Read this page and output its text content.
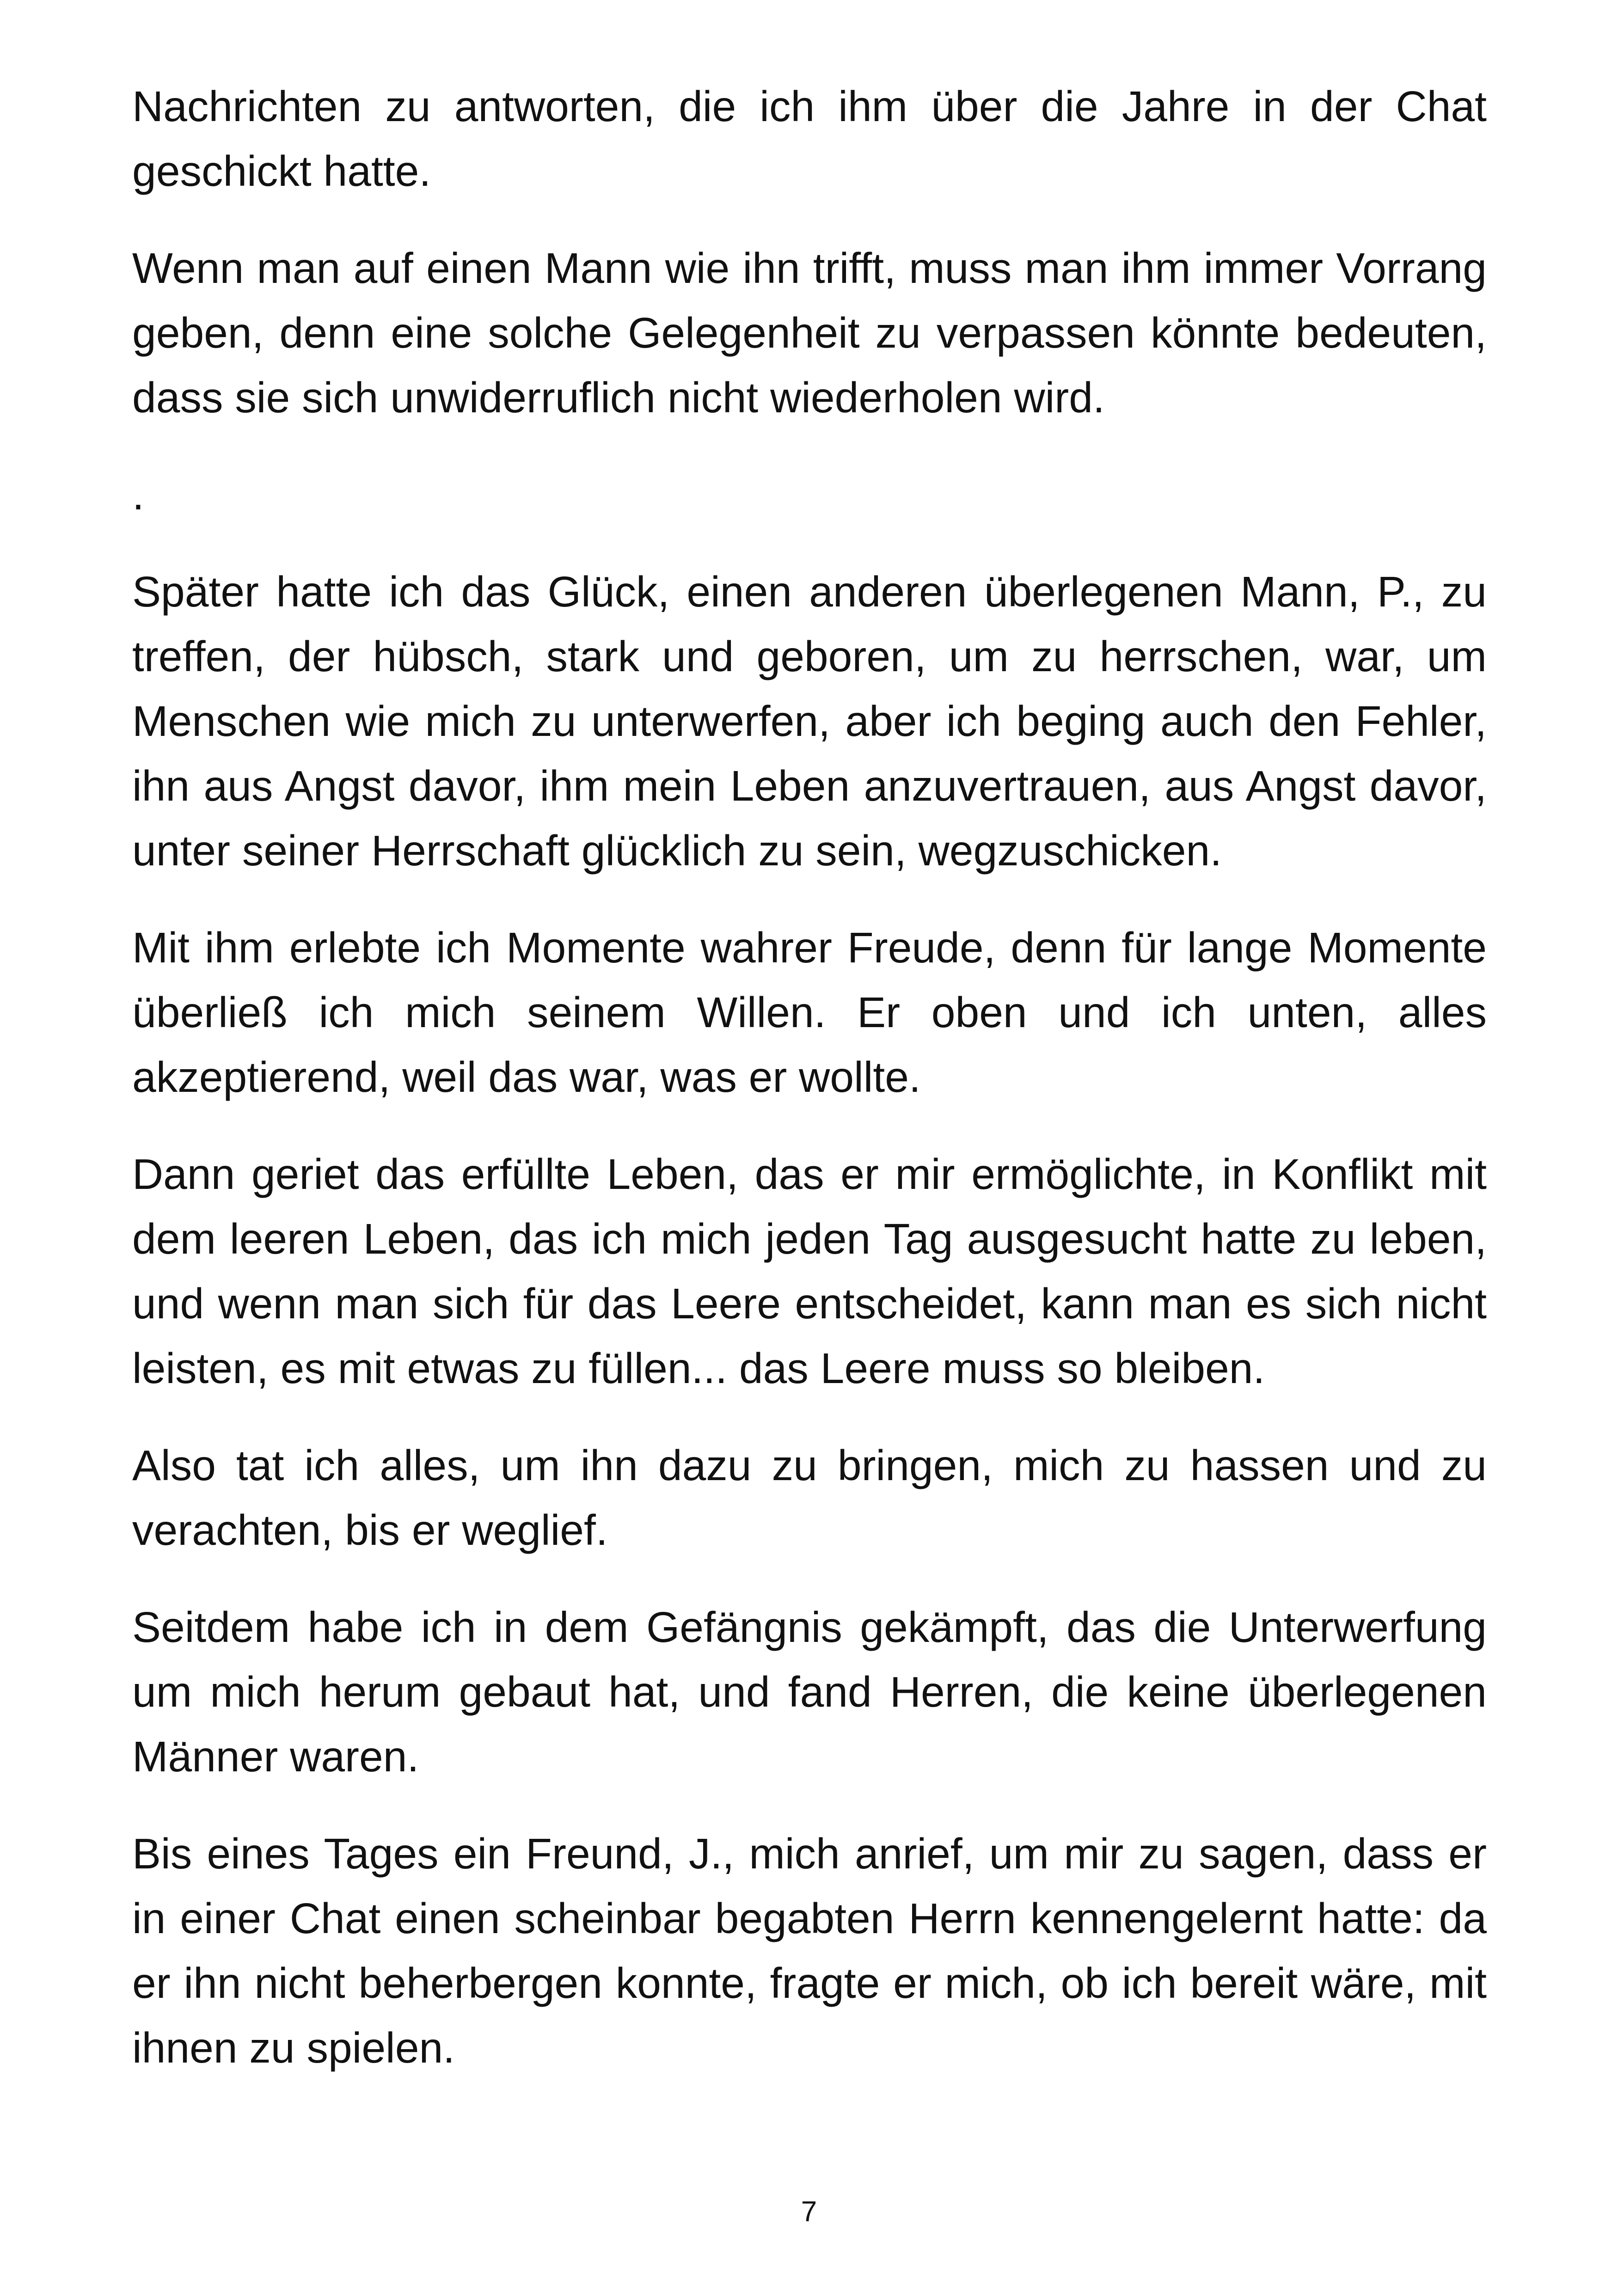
Nachrichten zu antworten, die ich ihm über die Jahre in der Chat geschickt hatte.

Wenn man auf einen Mann wie ihn trifft, muss man ihm immer Vorrang geben, denn eine solche Gelegenheit zu verpassen könnte bedeuten, dass sie sich unwiderruflich nicht wiederholen wird.

.

Später hatte ich das Glück, einen anderen überlegenen Mann, P., zu treffen, der hübsch, stark und geboren, um zu herrschen, war, um Menschen wie mich zu unterwerfen, aber ich beging auch den Fehler, ihn aus Angst davor, ihm mein Leben anzuvertrauen, aus Angst davor, unter seiner Herrschaft glücklich zu sein, wegzuschicken.

Mit ihm erlebte ich Momente wahrer Freude, denn für lange Momente überließ ich mich seinem Willen. Er oben und ich unten, alles akzeptierend, weil das war, was er wollte.

Dann geriet das erfüllte Leben, das er mir ermöglichte, in Konflikt mit dem leeren Leben, das ich mich jeden Tag ausgesucht hatte zu leben, und wenn man sich für das Leere entscheidet, kann man es sich nicht leisten, es mit etwas zu füllen... das Leere muss so bleiben.

Also tat ich alles, um ihn dazu zu bringen, mich zu hassen und zu verachten, bis er weglief.

Seitdem habe ich in dem Gefängnis gekämpft, das die Unterwerfung um mich herum gebaut hat, und fand Herren, die keine überlegenen Männer waren.

Bis eines Tages ein Freund, J., mich anrief, um mir zu sagen, dass er in einer Chat einen scheinbar begabten Herrn kennengelernt hatte: da er ihn nicht beherbergen konnte, fragte er mich, ob ich bereit wäre, mit ihnen zu spielen.

7
